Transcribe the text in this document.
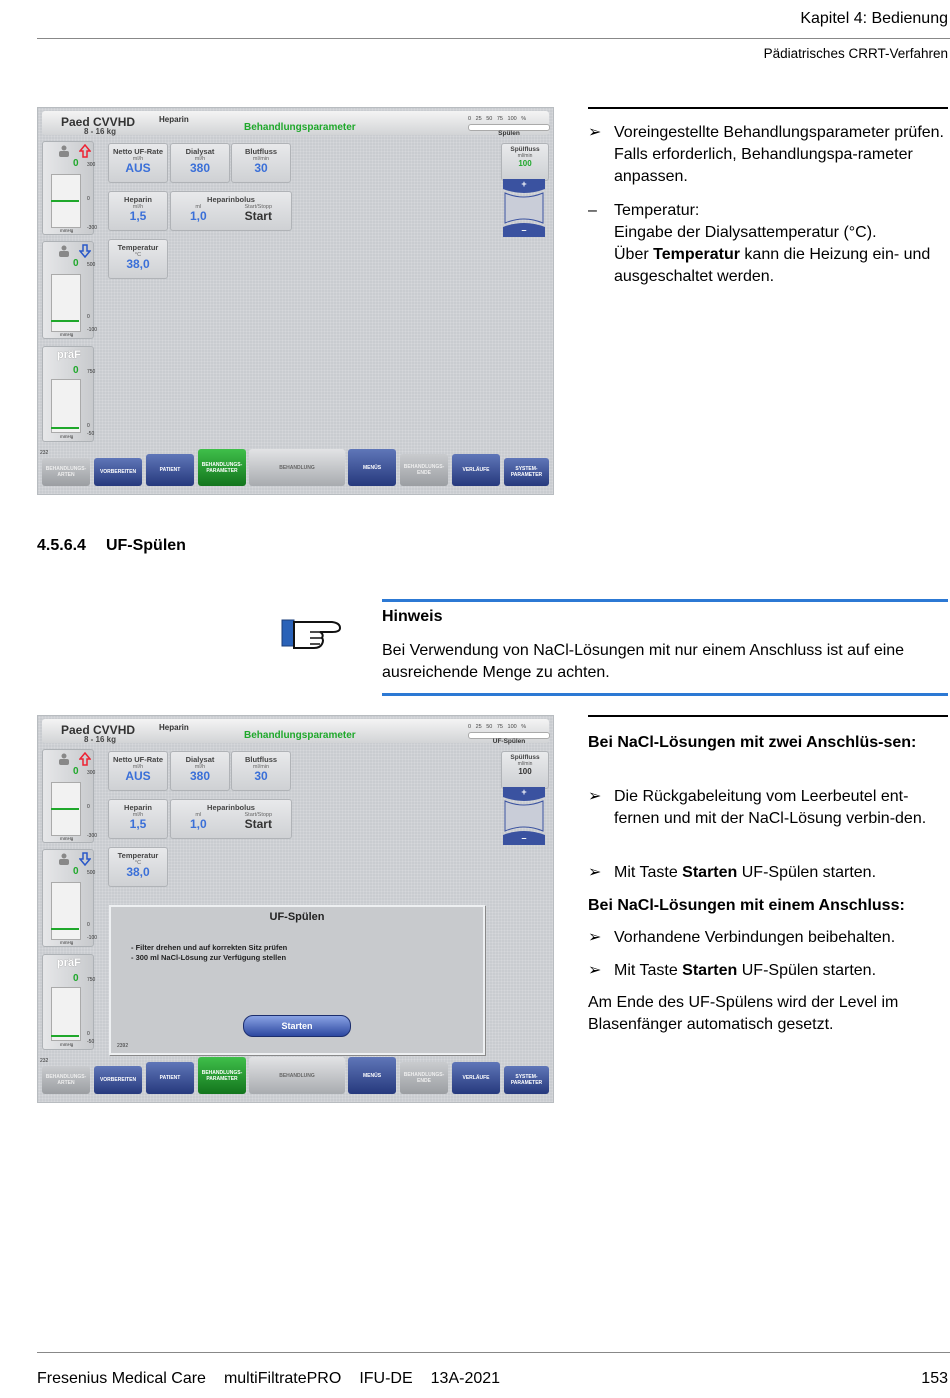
Kapitel 4: Bedienung
Pädiatrisches CRRT-Verfahren
Paed CVVHD
8 - 16 kg
Heparin
Behandlungsparameter
0 25 50 75 100 %
Spülen
0 300
0
-300
mmHg
0 500
0
-100
mmHg
präF
0 750
0
-50
mmHg
Netto UF-Rate
ml/h
AUS
Dialysat
ml/h
380
Blutfluss
ml/min
30
Heparin
ml/h
1,5
Heparinbolus
ml
1,0
Start/Stopp
Start
Temperatur
°C
38,0
Spülfluss
ml/min
100
+
–
232
BEHANDLUNGS-
ARTEN	VORBEREITEN	PATIENT
BEHANDLUNGS-
PARAMETER	BEHANDLUNG	MENÜS	BEHANDLUNGS-
ENDE	VERLÄUFE	SYSTEM-
PARAMETER
➢ Voreingestellte Behandlungsparameter prüfen. Falls erforderlich, Behandlungspa-rameter anpassen.
– Temperatur:
Eingabe der Dialysattemperatur (°C).
Über Temperatur kann die Heizung ein- und ausgeschaltet werden.
4.5.6.4 UF-Spülen
Hinweis
Bei Verwendung von NaCl-Lösungen mit nur einem Anschluss ist auf eine ausreichende Menge zu achten.
Paed CVVHD
8 - 16 kg
Heparin
Behandlungsparameter
0 25 50 75 100 %
UF-Spülen
0 300
0
-300
mmHg
0 500
0
-100
mmHg
präF
0 750
0
-50
mmHg
Netto UF-Rate
ml/h
AUS
Dialysat
ml/h
380
Blutfluss
ml/min
30
Heparin
ml/h
1,5
Heparinbolus
ml
1,0
Start/Stopp
Start
Temperatur
°C
38,0
Spülfluss
ml/min
100
+
–
UF-Spülen
- Filter drehen und auf korrekten Sitz prüfen
- 300 ml NaCl-Lösung zur Verfügung stellen
Starten
2392
232
BEHANDLUNGS-
ARTEN	VORBEREITEN	PATIENT
BEHANDLUNGS-
PARAMETER	BEHANDLUNG	MENÜS	BEHANDLUNGS-
ENDE	VERLÄUFE	SYSTEM-
PARAMETER
Bei NaCl-Lösungen mit zwei Anschlüs-sen:
➢ Die Rückgabeleitung vom Leerbeutel ent-fernen und mit der NaCl-Lösung verbin-den.
➢ Mit Taste Starten UF-Spülen starten.
Bei NaCl-Lösungen mit einem Anschluss:
➢ Vorhandene Verbindungen beibehalten.
➢ Mit Taste Starten UF-Spülen starten.
Am Ende des UF-Spülens wird der Level im Blasenfänger automatisch gesetzt.
Fresenius Medical Care multiFiltratePRO IFU-DE 13A-2021	153
